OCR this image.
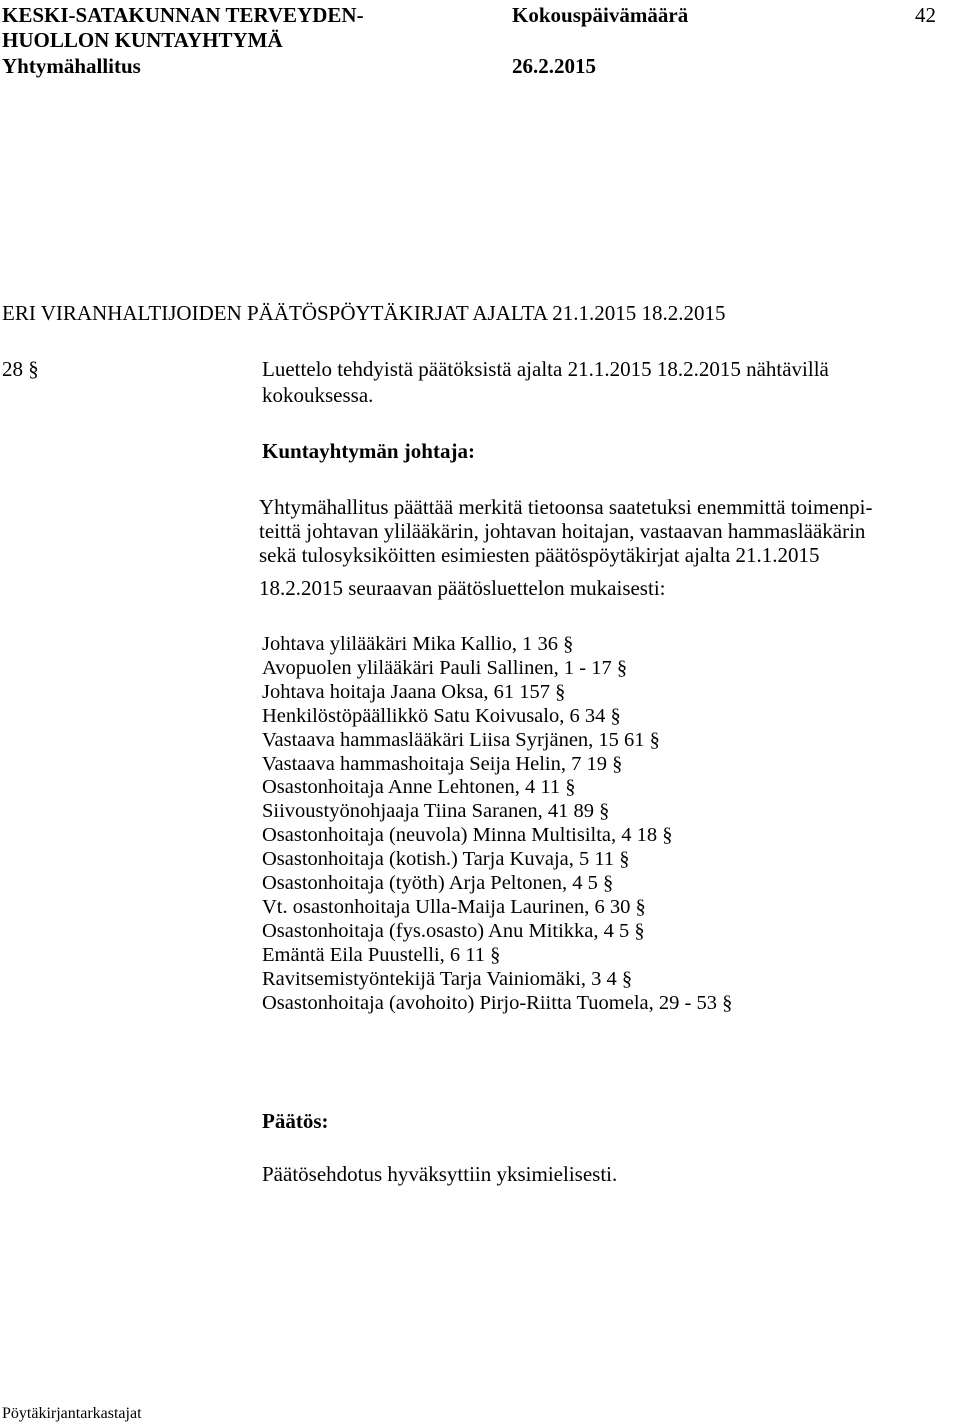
KESKI-SATAKUNNAN TERVEYDEN-
HUOLLON KUNTAYHTYMÄ
Yhtymähallitus
Kokouspäivämäärä
26.2.2015
42
ERI VIRANHALTIJOIDEN PÄÄTÖSPÖYTÄKIRJAT AJALTA 21.1.2015 18.2.2015
28 §	Luettelo tehdyistä päätöksistä ajalta 21.1.2015 18.2.2015 nähtävillä
kokouksessa.
Kuntayhtymän johtaja:
Yhtymähallitus päättää merkitä tietoonsa saatetuksi enemmittä toimenpi-
teittä johtavan ylilääkärin, johtavan hoitajan, vastaavan hammaslääkärin
sekä tulosyksiköitten esimiesten päätöspöytäkirjat ajalta 21.1.2015
18.2.2015 seuraavan päätösluettelon mukaisesti:
Johtava ylilääkäri Mika Kallio, 1 36 §
Avopuolen ylilääkäri Pauli Sallinen, 1 - 17 §
Johtava hoitaja Jaana Oksa, 61 157 §
Henkilöstöpäällikkö Satu Koivusalo, 6 34 §
Vastaava hammaslääkäri Liisa Syrjänen, 15 61 §
Vastaava hammashoitaja Seija Helin, 7 19 §
Osastonhoitaja Anne Lehtonen, 4 11 §
Siivoustyönohjaaja Tiina Saranen, 41 89 §
Osastonhoitaja (neuvola) Minna Multisilta, 4 18 §
Osastonhoitaja (kotish.) Tarja Kuvaja, 5 11 §
Osastonhoitaja (työth) Arja Peltonen, 4 5 §
Vt. osastonhoitaja Ulla-Maija Laurinen, 6 30 §
Osastonhoitaja (fys.osasto) Anu Mitikka, 4 5 §
Emäntä Eila Puustelli, 6 11 §
Ravitsemistyöntekijä Tarja Vainiomäki, 3 4 §
Osastonhoitaja (avohoito) Pirjo-Riitta Tuomela, 29 - 53 §
Päätös:
Päätösehdotus hyväksyttiin yksimielisesti.
Pöytäkirjantarkastajat
